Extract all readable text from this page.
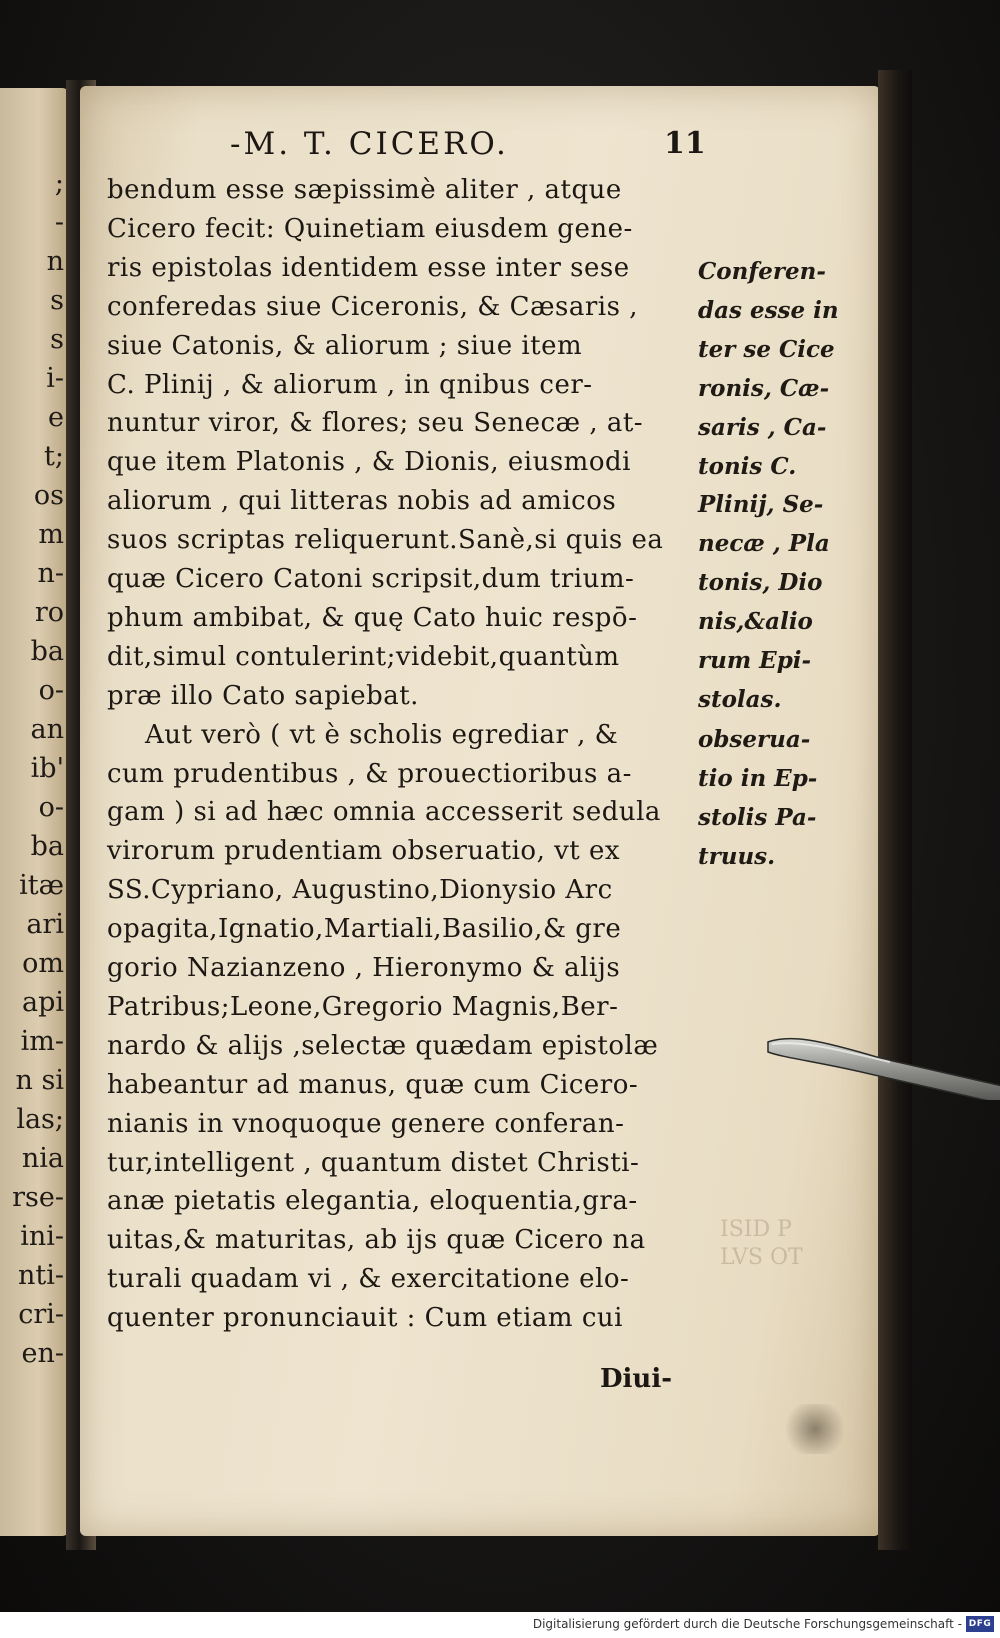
;
-
n
s
s
i-
e
t;
os
m
n-
ro
ba
o-
an
ib'
o-
ba
itæ
ari
om
api
im-
n si
las;
nia
rse-
ini-
nti-
cri-
en-
-M. T. CICERO.	11
bendum esse sæpissimè aliter , atque
Cicero fecit: Quinetiam eiusdem gene-
ris epistolas identidem esse inter sese
conferedas siue Ciceronis, & Cæsaris ,
siue Catonis, & aliorum ; siue item
C. Plinij , & aliorum , in qnibus cer-
nuntur viror, & flores; seu Senecæ , at-
que item Platonis , & Dionis, eiusmodi
aliorum , qui litteras nobis ad amicos
suos scriptas reliquerunt.Sanè,si quis ea
quæ Cicero Catoni scripsit,dum trium-
phum ambibat, & quę Cato huic respō-
dit,simul contulerint;videbit,quantùm
præ illo Cato sapiebat.
Aut verò ( vt è scholis egrediar , &
cum prudentibus , & prouectioribus a-
gam ) si ad hæc omnia accesserit sedula
virorum prudentiam obseruatio, vt ex
SS.Cypriano, Augustino,Dionysio Arc
opagita,Ignatio,Martiali,Basilio,& gre
gorio Nazianzeno , Hieronymo & alijs
Patribus;Leone,Gregorio Magnis,Ber-
nardo & alijs ,selectæ quædam epistolæ
habeantur ad manus, quæ cum Cicero-
nianis in vnoquoque genere conferan-
tur,intelligent , quantum distet Christi-
anæ pietatis elegantia, eloquentia,gra-
uitas,& maturitas, ab ijs quæ Cicero na
turali quadam vi , & exercitatione elo-
quenter pronunciauit : Cum etiam cui
Conferen-
das esse in
ter se Cice
ronis, Cæ-
saris , Ca-
tonis C.
Plinij, Se-
necæ , Pla
tonis, Dio
nis,&alio
rum Epi-
stolas.
obserua-
tio in Ep-
stolis Pa-
truus.
Diui-
ISID P
LVS OT
Digitalisierung gefördert durch die Deutsche Forschungsgemeinschaft - DFG
